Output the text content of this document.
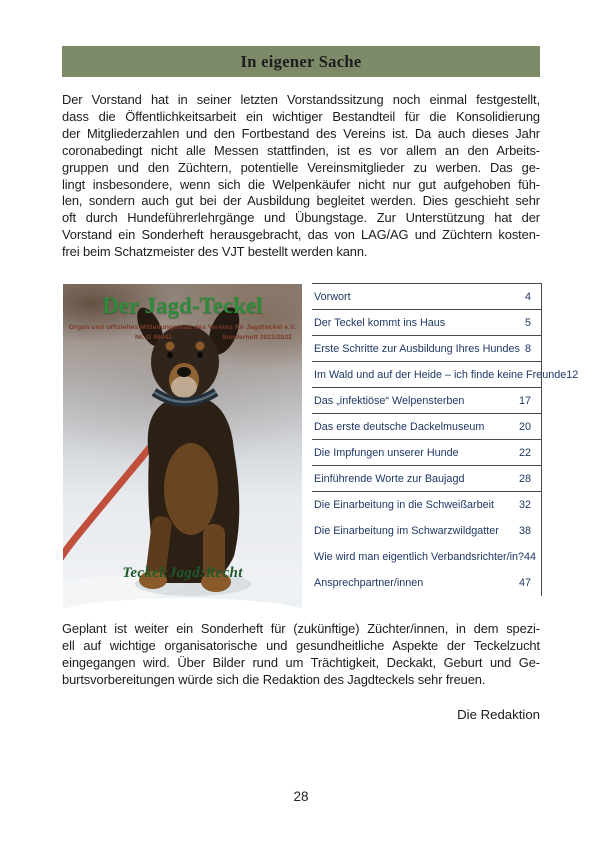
In eigener Sache
Der Vorstand hat in seiner letzten Vorstandssitzung noch einmal festgestellt,
dass die Öffentlichkeitsarbeit ein wichtiger Bestandteil für die Konsolidierung
der Mitgliederzahlen und den Fortbestand des Vereins ist. Da auch dieses Jahr
coronabedingt nicht alle Messen stattfinden, ist es vor allem an den Arbeits-
gruppen und den Züchtern, potentielle Vereinsmitglieder zu werben. Das ge-
lingt insbesondere, wenn sich die Welpenkäufer nicht nur gut aufgehoben füh-
len, sondern auch gut bei der Ausbildung begleitet werden. Dies geschieht sehr
oft durch Hundeführerlehrgänge und Übungstage. Zur Unterstützung hat der
Vorstand ein Sonderheft herausgebracht, das von LAG/AG und Züchtern kosten-
frei beim Schatzmeister des VJT bestellt werden kann.
Der Jagd-Teckel
Organ und offizielles Mitteilungsblatt des Vereins für Jagdteckel e.V.
Nr. G 46042	Sonderheft 2021/2022
Teckel:Jagd:Recht
Vorwort	4
Der Teckel kommt ins Haus	5
Erste Schritte zur Ausbildung Ihres Hundes 8
Im Wald und auf der Heide – ich finde keine Freunde 12
Das „infektiöse“ Welpensterben	17
Das erste deutsche Dackelmuseum	20
Die Impfungen unserer Hunde	22
Einführende Worte zur Baujagd	28
Die Einarbeitung in die Schweißarbeit 32
Die Einarbeitung im Schwarzwildgatter 38
Wie wird man eigentlich Verbandsrichter/in? 44
Ansprechpartner/innen	47
Geplant ist weiter ein Sonderheft für (zukünftige) Züchter/innen, in dem spezi-
ell auf wichtige organisatorische und gesundheitliche Aspekte der Teckelzucht
eingegangen wird. Über Bilder rund um Trächtigkeit, Deckakt, Geburt und Ge-
burtsvorbereitungen würde sich die Redaktion des Jagdteckels sehr freuen.
Die Redaktion
28
